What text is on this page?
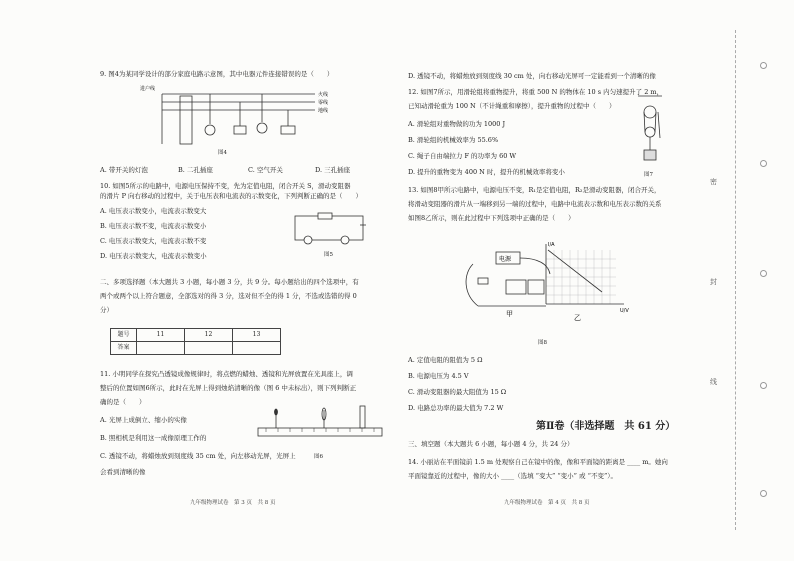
密
封
线
9. 图4为某同学设计的部分家庭电路示意图，其中电器元件连接错误的是（　　）
进户线
火线
零线
地线
图4
A. 带开关的灯泡	B. 二孔插座	C. 空气开关	D. 三孔插座
10. 如图5所示的电路中，电源电压保持不变，先为定值电阻，闭合开关 S，滑动变阻器
的滑片 P 向右移动的过程中，关于电压表和电流表的示数变化，下列判断正确的是（　　）
A. 电压表示数变小，电流表示数变大
B. 电压表示数不变，电流表示数变小
C. 电压表示数变大，电流表示数不变
D. 电压表示数变大，电流表示数变小	图5
二、多项选择题（本大题共 3 小题，每小题 3 分，共 9 分。每小题给出的四个选项中，有
两个或两个以上符合题意，全部选对的得 3 分，选对但不全的得 1 分，不选或选错的得 0
分）
题号	11	12	13
答案			
11. 小明同学在探究凸透镜成像规律时，将点燃的蜡烛、透镜和光屏放置在光具座上，调
整后的位置如图6所示，此时在光屏上得到烛焰清晰的像（图 6 中未标出），则下列判断正
确的是（　　）
A. 光屏上成倒立、缩小的实像
B. 照相机是利用这一成像原理工作的
C. 透镜不动，将蜡烛放到刻度线 35 cm 处，向左移动光屏，光屏上
会看到清晰的像
图6
九年级物理试卷　第 3 页　共 8 页
D. 透镜不动，将蜡烛放到刻度线 30 cm 处，向右移动光屏可一定能看到一个清晰的像
12. 如图7所示，用滑轮组将重物提升，将重 500 N 的物体在 10 s 内匀速提升了 2 m，
已知动滑轮重为 100 N（不计绳重和摩擦），提升重物的过程中（　　）
A. 滑轮组对重物做的功为 1000 J
B. 滑轮组的机械效率为 55.6%
C. 绳子自由端拉力 F 的功率为 60 W
D. 提升的重物变为 400 N 时，提升的机械效率将变小	图7
13. 如图8甲所示电路中，电源电压不变，R₁是定值电阻，R₂是滑动变阻器，闭合开关，
将滑动变阻器的滑片从一端移到另一端的过程中，电路中电流表示数和电压表示数的关系
如图8乙所示，则在此过程中下列选项中正确的是（　　）
电源
甲
I/A
U/V
乙
图8
A. 定值电阻的阻值为 5 Ω
B. 电源电压为 4.5 V
C. 滑动变阻器的最大阻值为 15 Ω
D. 电路总功率的最大值为 7.2 W
第Ⅱ卷（非选择题　共 61 分）
三、填空题（本大题共 6 小题，每小题 4 分，共 24 分）
14. 小丽站在平面镜前 1.5 m 处观察自己在镜中的像，像和平面镜的距离是 ____ m。她向
平面镜靠近的过程中，像的大小 ____（选填 “变大” “变小” 或 “不变”）。
九年级物理试卷　第 4 页　共 8 页
